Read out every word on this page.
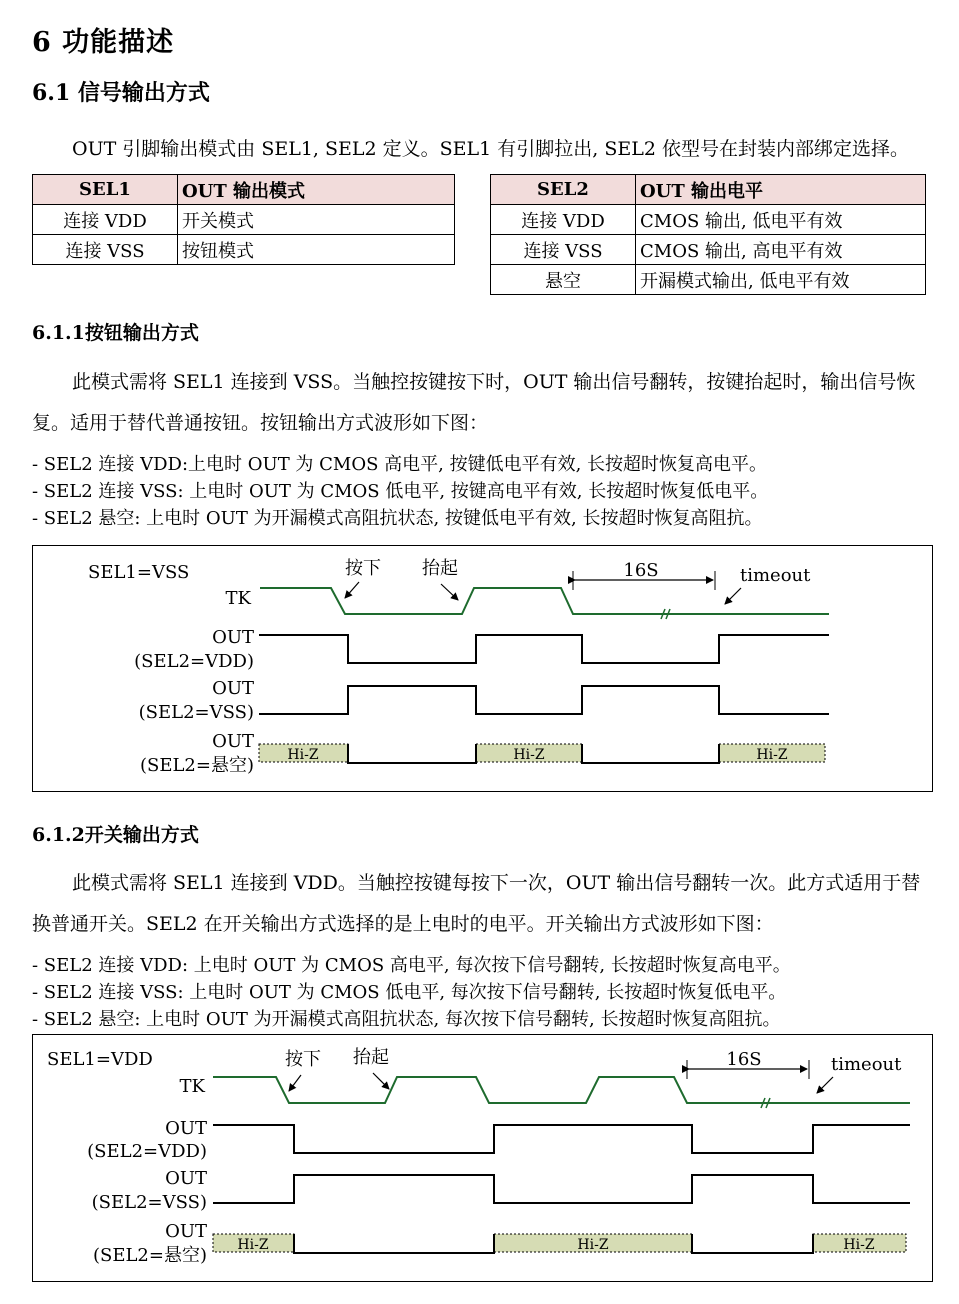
6 功能描述
6.1 信号输出方式
OUT 引脚输出模式由 SEL1, SEL2 定义。SEL1 有引脚拉出, SEL2 依型号在封装内部绑定选择。
SEL1	OUT 输出模式
连接 VDD	开关模式
连接 VSS	按钮模式
SEL2	OUT 输出电平
连接 VDD	CMOS 输出, 低电平有效
连接 VSS	CMOS 输出, 高电平有效
悬空	开漏模式输出, 低电平有效
6.1.1按钮输出方式
此模式需将 SEL1 连接到 VSS。当触控按键按下时，OUT 输出信号翻转，按键抬起时，输出信号恢复。适用于替代普通按钮。按钮输出方式波形如下图：
- SEL2 连接 VDD:上电时 OUT 为 CMOS 高电平, 按键低电平有效, 长按超时恢复高电平。
- SEL2 连接 VSS: 上电时 OUT 为 CMOS 低电平, 按键高电平有效, 长按超时恢复低电平。
- SEL2 悬空: 上电时 OUT 为开漏模式高阻抗状态, 按键低电平有效, 长按超时恢复高阻抗。
SEL1=VSS
TK
按下 抬起	16S	timeout
OUT
(SEL2=VDD)
OUT
(SEL2=VSS)
OUT
(SEL2=悬空) Hi-Z	Hi-Z	Hi-Z
6.1.2开关输出方式
此模式需将 SEL1 连接到 VDD。当触控按键每按下一次，OUT 输出信号翻转一次。此方式适用于替换普通开关。SEL2 在开关输出方式选择的是上电时的电平。开关输出方式波形如下图：
- SEL2 连接 VDD: 上电时 OUT 为 CMOS 高电平, 每次按下信号翻转, 长按超时恢复高电平。
- SEL2 连接 VSS: 上电时 OUT 为 CMOS 低电平, 每次按下信号翻转, 长按超时恢复低电平。
- SEL2 悬空: 上电时 OUT 为开漏模式高阻抗状态, 每次按下信号翻转, 长按超时恢复高阻抗。
SEL1=VDD
TK
按下 抬起	16S	timeout
OUT
(SEL2=VDD)
OUT
(SEL2=VSS)
OUT
(SEL2=悬空) Hi-Z	Hi-Z	Hi-Z
